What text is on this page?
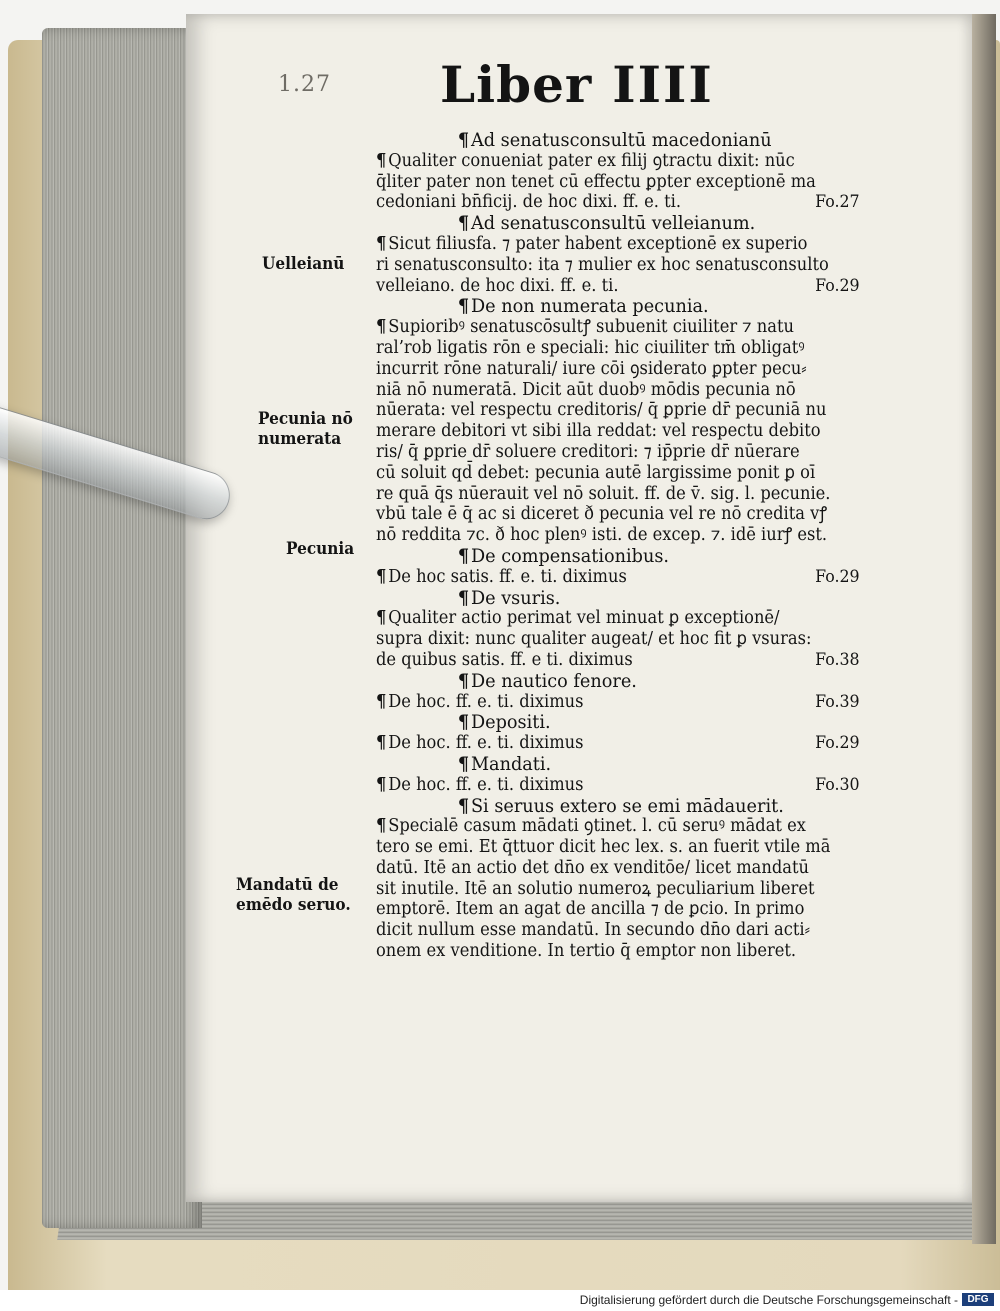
1.27 Liber IIII
Uelleianū
Pecunia nō
numerata
Pecunia
Mandatū de
emēdo seruo.
¶Ad senatusconsultū macedonianū
¶ Qualiter conueniat pater ex filij ꝯtractu dixit: nūc
q̄liter pater non tenet cū effectu ꝑpter exceptionē ma
cedoniani bn̄ficij. de hoc dixi. ff. e. ti.	Fo.27
¶Ad senatusconsultū velleianum.
¶ Sicut filiusfa. ⁊ pater habent exceptionē ex superio
ri senatusconsulto: ita ⁊ mulier ex hoc senatusconsulto
velleiano. de hoc dixi. ff. e. ti.	Fo.29
¶De non numerata pecunia.
¶ Supioribꝰ senatuscōsultꝭ subuenit ciuiliter ⁊ natu
ral’rob ligatis rōn e speciali: hic ciuiliter tm̄ obligatꝰ
incurrit rōne naturali/ iure cōi ꝯsiderato ꝑpter pecu⸗
niā nō numeratā. Dicit aūt duobꝰ mōdis pecunia nō
nūerata: vel respectu creditoris/ q̄ ꝑprie dr̄ pecuniā nu
merare debitori vt sibi illa reddat: vel respectu debito
ris/ q̄ ꝑprie dr̄ soluere creditori: ⁊ ip̄prie dr̄ nūerare
cū soluit qd̄ debet: pecunia autē largissime ponit ꝑ oī
re quā q̄s nūerauit vel nō soluit. ff. de v̄. sig. l. pecunie.
vbū tale ē q̄ ac si diceret ð pecunia vel re nō credita vꝭ
nō reddita ⁊c. ð hoc plenꝰ isti. de excep. ⁊. idē iurꝭ est.
¶De compensationibus.
¶ De hoc satis. ff. e. ti. diximus	Fo.29
¶De vsuris.
¶ Qualiter actio perimat vel minuat ꝑ exceptionē/
supra dixit: nunc qualiter augeat/ et hoc fit ꝑ vsuras:
de quibus satis. ff. e ti. diximus	Fo.38
¶De nautico fenore.
¶ De hoc. ff. e. ti. diximus	Fo.39
¶Depositi.
¶ De hoc. ff. e. ti. diximus	Fo.29
¶Mandati.
¶ De hoc. ff. e. ti. diximus	Fo.30
¶Si seruus extero se emi mādauerit.
¶ Specialē casum mādati ꝯtinet. l. cū seruꝰ mādat ex
tero se emi. Et q̄ttuor dicit hec lex. s. an fuerit vtile mā
datū. Itē an actio det dn̄o ex venditōe/ licet mandatū
sit inutile. Itē an solutio numeroꝝ peculiarium liberet
emptorē. Item an agat de ancilla ⁊ de ꝑcio. In primo
dicit nullum esse mandatū. In secundo dn̄o dari acti⸗
onem ex venditione. In tertio q̄ emptor non liberet.
Digitalisierung gefördert durch die Deutsche Forschungsgemeinschaft - DFG
